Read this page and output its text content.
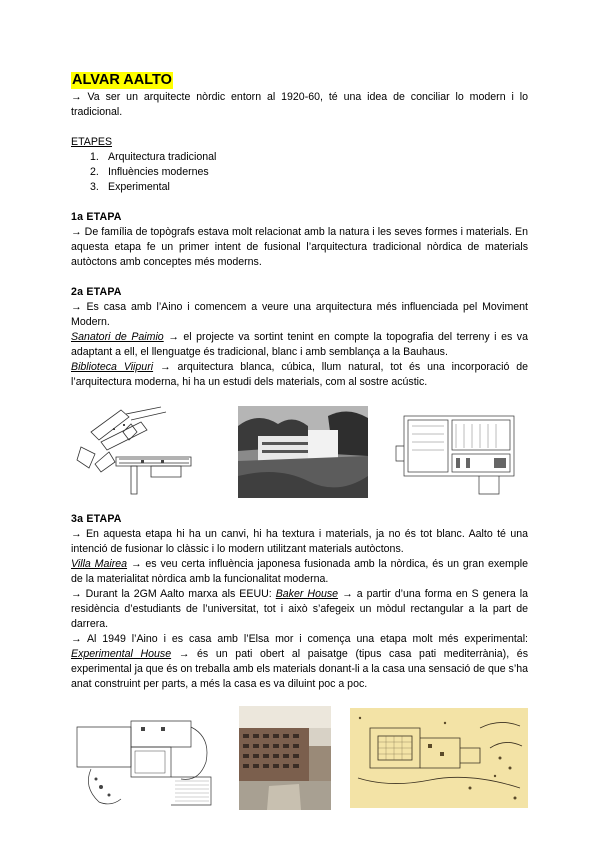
ALVAR AALTO

→ Va ser un arquitecte nòrdic entorn al 1920-60, té una idea de conciliar lo modern i lo tradicional.

ETAPES
1. Arquitectura tradicional
2. Influències modernes
3. Experimental
1a ETAPA

→ De família de topògrafs estava molt relacionat amb la natura i les seves formes i materials. En aquesta etapa fe un primer intent de fusional l’arquitectura tradicional nòrdica de materials autòctons amb conceptes més moderns.

2a ETAPA

→ Es casa amb l’Aino i comencem a veure una arquitectura més influenciada pel Moviment Modern.

Sanatori de Paimio → el projecte va sortint tenint en compte la topografia del terreny i es va adaptant a ell, el llenguatge és tradicional, blanc i amb semblança a la Bauhaus.

Biblioteca Viipuri → arquitectura blanca, cúbica, llum natural, tot és una incorporació de l’arquitectura moderna, hi ha un estudi dels materials, com al sostre acústic.

3a ETAPA

→ En aquesta etapa hi ha un canvi, hi ha textura i materials, ja no és tot blanc. Aalto té una intenció de fusionar lo clàssic i lo modern utilitzant materials autòctons.

Villa Mairea → es veu certa influència japonesa fusionada amb la nòrdica, és un gran exemple de la materialitat nòrdica amb la funcionalitat moderna.

→ Durant la 2GM Aalto marxa als EEUU: Baker House → a partir d’una forma en S genera la residència d’estudiants de l’universitat, tot i això s’afegeix un mòdul rectangular a la part de darrera.

→ Al 1949 l’Aino i es casa amb l’Elsa mor i comença una etapa molt més experimental: Experimental House → és un pati obert al paisatge (tipus casa pati mediterrània), és experimental ja que és on treballa amb els materials donant-li a la casa una sensació de que s’ha anat construint per parts, a més la casa es va diluint poc a poc.
